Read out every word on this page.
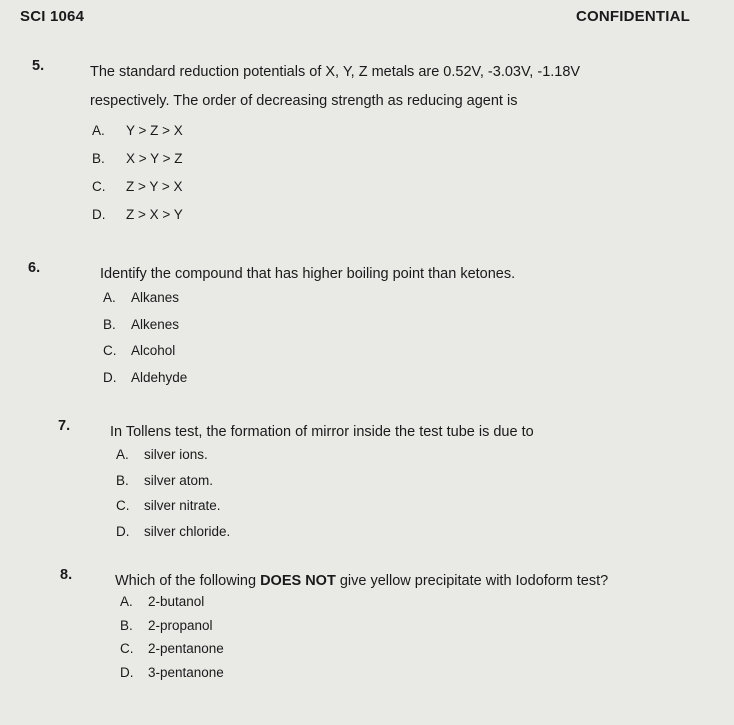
SCI 1064	CONFIDENTIAL
5.	The standard reduction potentials of X, Y, Z metals are 0.52V, -3.03V, -1.18V
respectively. The order of decreasing strength as reducing agent is
A.	Y > Z > X
B.	X > Y > Z
C.	Z > Y > X
D.	Z > X > Y
6.	Identify the compound that has higher boiling point than ketones.
A.	Alkanes
B.	Alkenes
C.	Alcohol
D.	Aldehyde
7.	In Tollens test, the formation of mirror inside the test tube is due to
A.	silver ions.
B.	silver atom.
C.	silver nitrate.
D.	silver chloride.
8.	Which of the following DOES NOT give yellow precipitate with Iodoform test?
A.	2-butanol
B.	2-propanol
C.	2-pentanone
D.	3-pentanone
